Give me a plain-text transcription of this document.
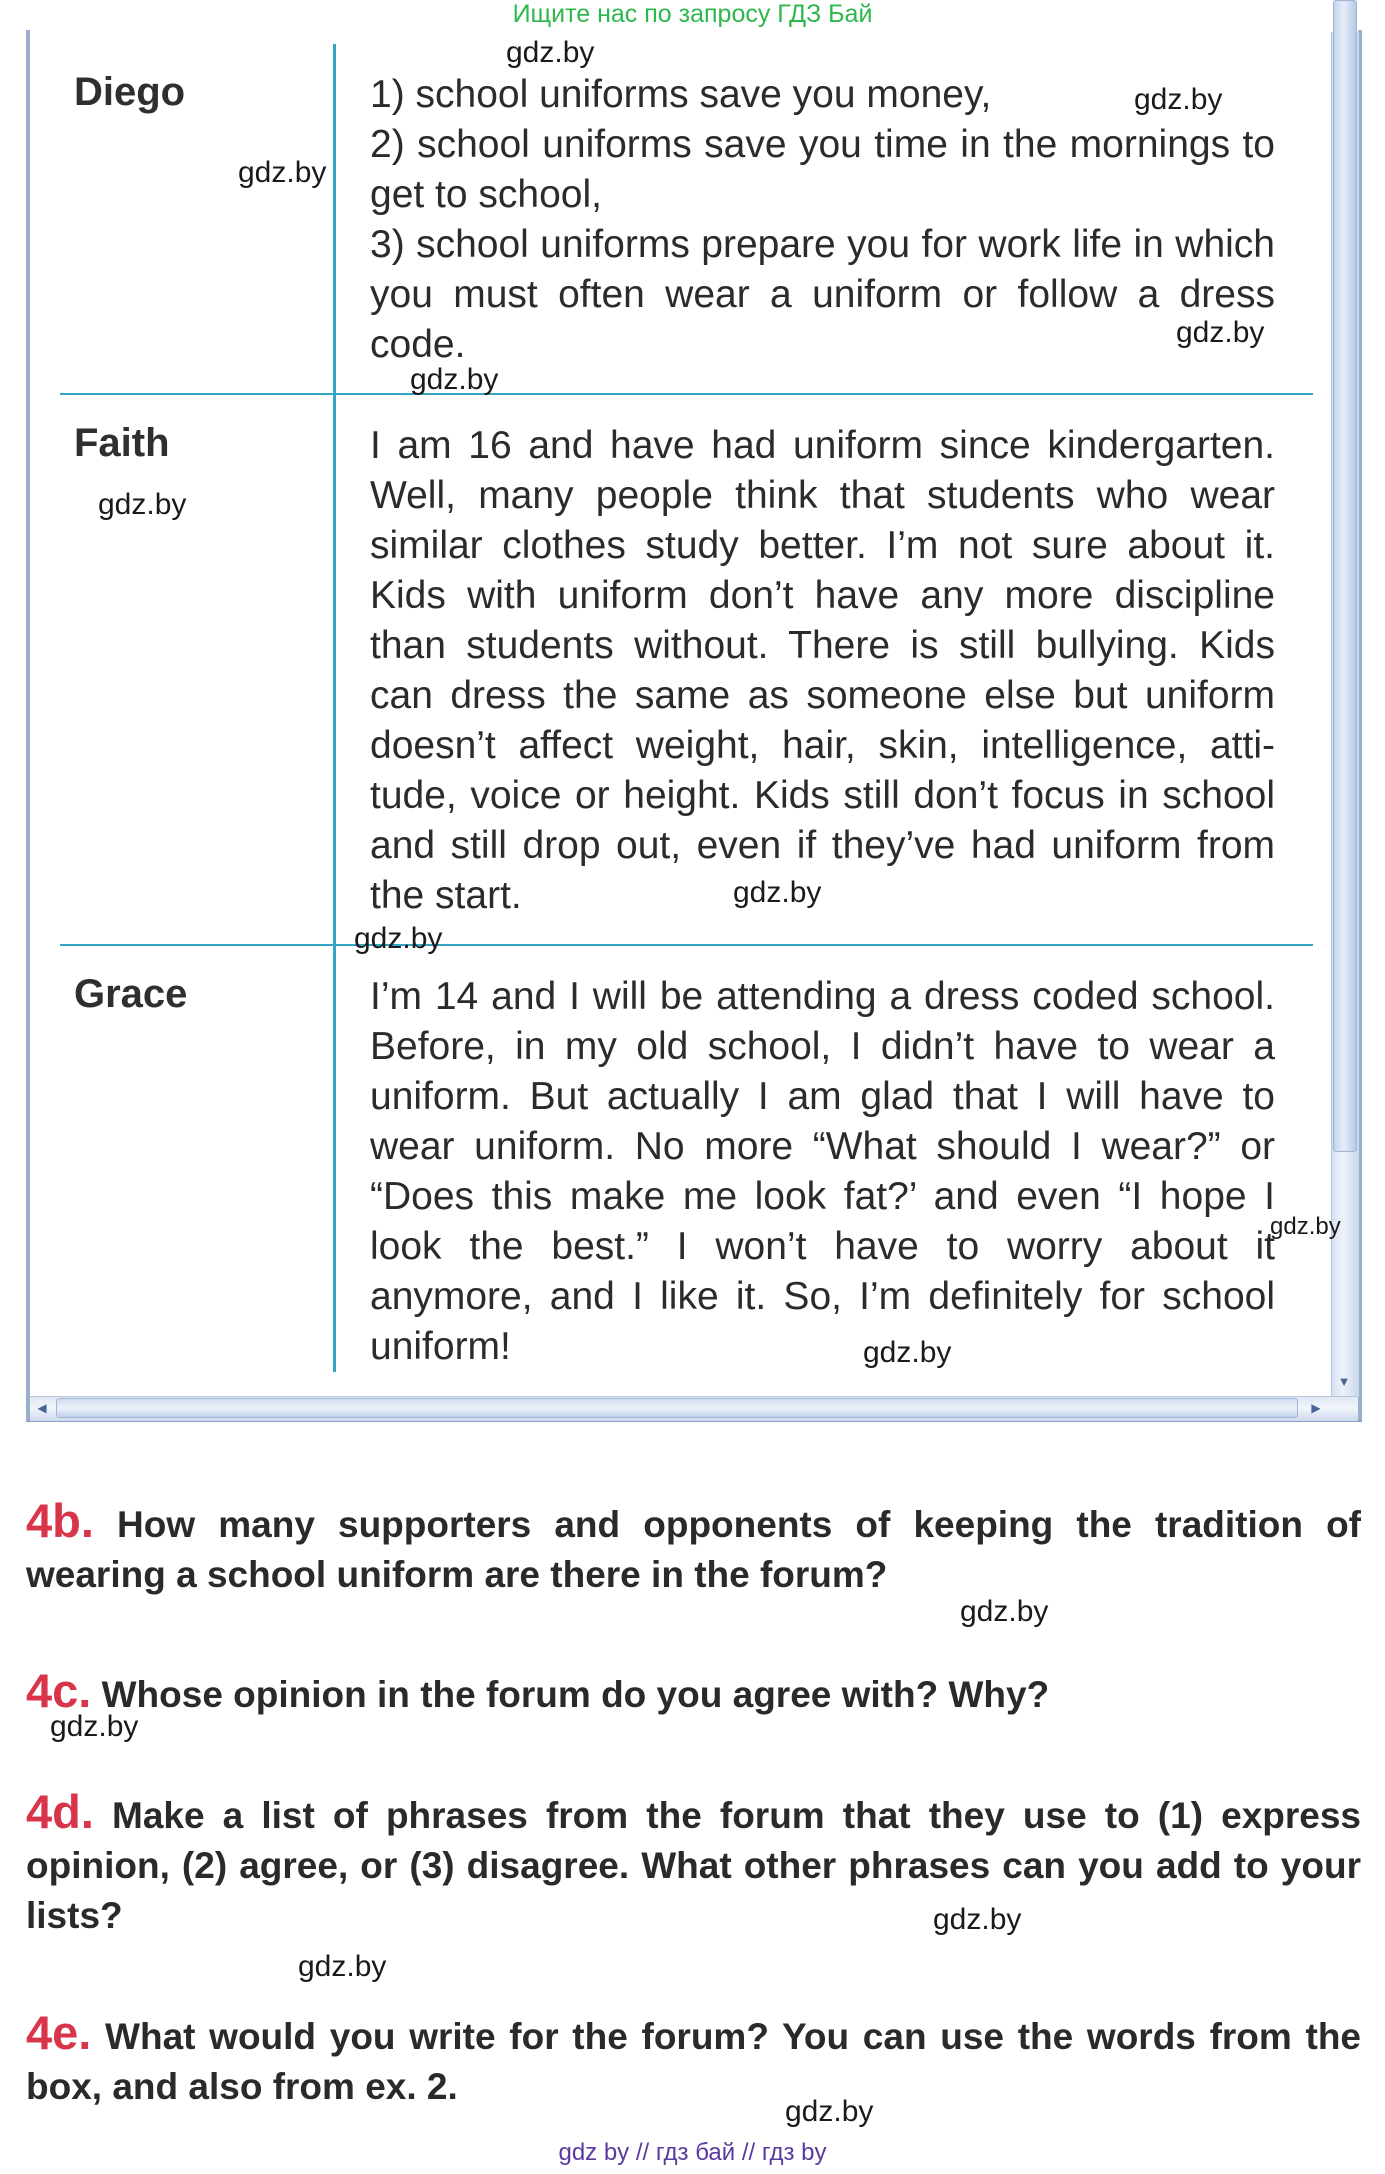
Ищите нас по запросу ГДЗ Бай
▼
◀	▶
Diego	1) school uniforms save you money,

2) school uniforms save you time in the mornings to get to school,

3) school uniforms prepare you for work life in which you must often wear a uniform or follow a dress code.

Faith	I am 16 and have had uniform since kindergarten. Well, many people think that students who wear similar clothes study better. I’m not sure about it. Kids with uniform don’t have any more discipline than students without. There is still bullying. Kids can dress the same as someone else but uniform doesn’t affect weight, hair, skin, intelligence, attitude, voice or height. Kids still don’t focus in school and still drop out, even if they’ve had uniform from the start.

Grace	I’m 14 and I will be attending a dress coded school. Before, in my old school, I didn’t have to wear a uniform. But actually I am glad that I will have to wear uniform. No more “What should I wear?” or “Does this make me look fat?’ and even “I hope I look the best.” I won’t have to worry about it anymore, and I like it. So, I’m definitely for school uniform!

gdz.by
gdz.by
gdz.by
gdz.by
gdz.by
gdz.by
gdz.by
gdz.by
gdz.by
gdz.by
gdz.by
gdz.by
gdz.by
gdz.by
gdz.by
4b. How many supporters and opponents of keeping the tradition of wearing a school uniform are there in the forum?
4c. Whose opinion in the forum do you agree with? Why?
4d. Make a list of phrases from the forum that they use to (1) express opinion, (2) agree, or (3) disagree. What other phrases can you add to your lists?
4e. What would you write for the forum? You can use the words from the box, and also from ex. 2.
gdz by // гдз бай // гдз by
